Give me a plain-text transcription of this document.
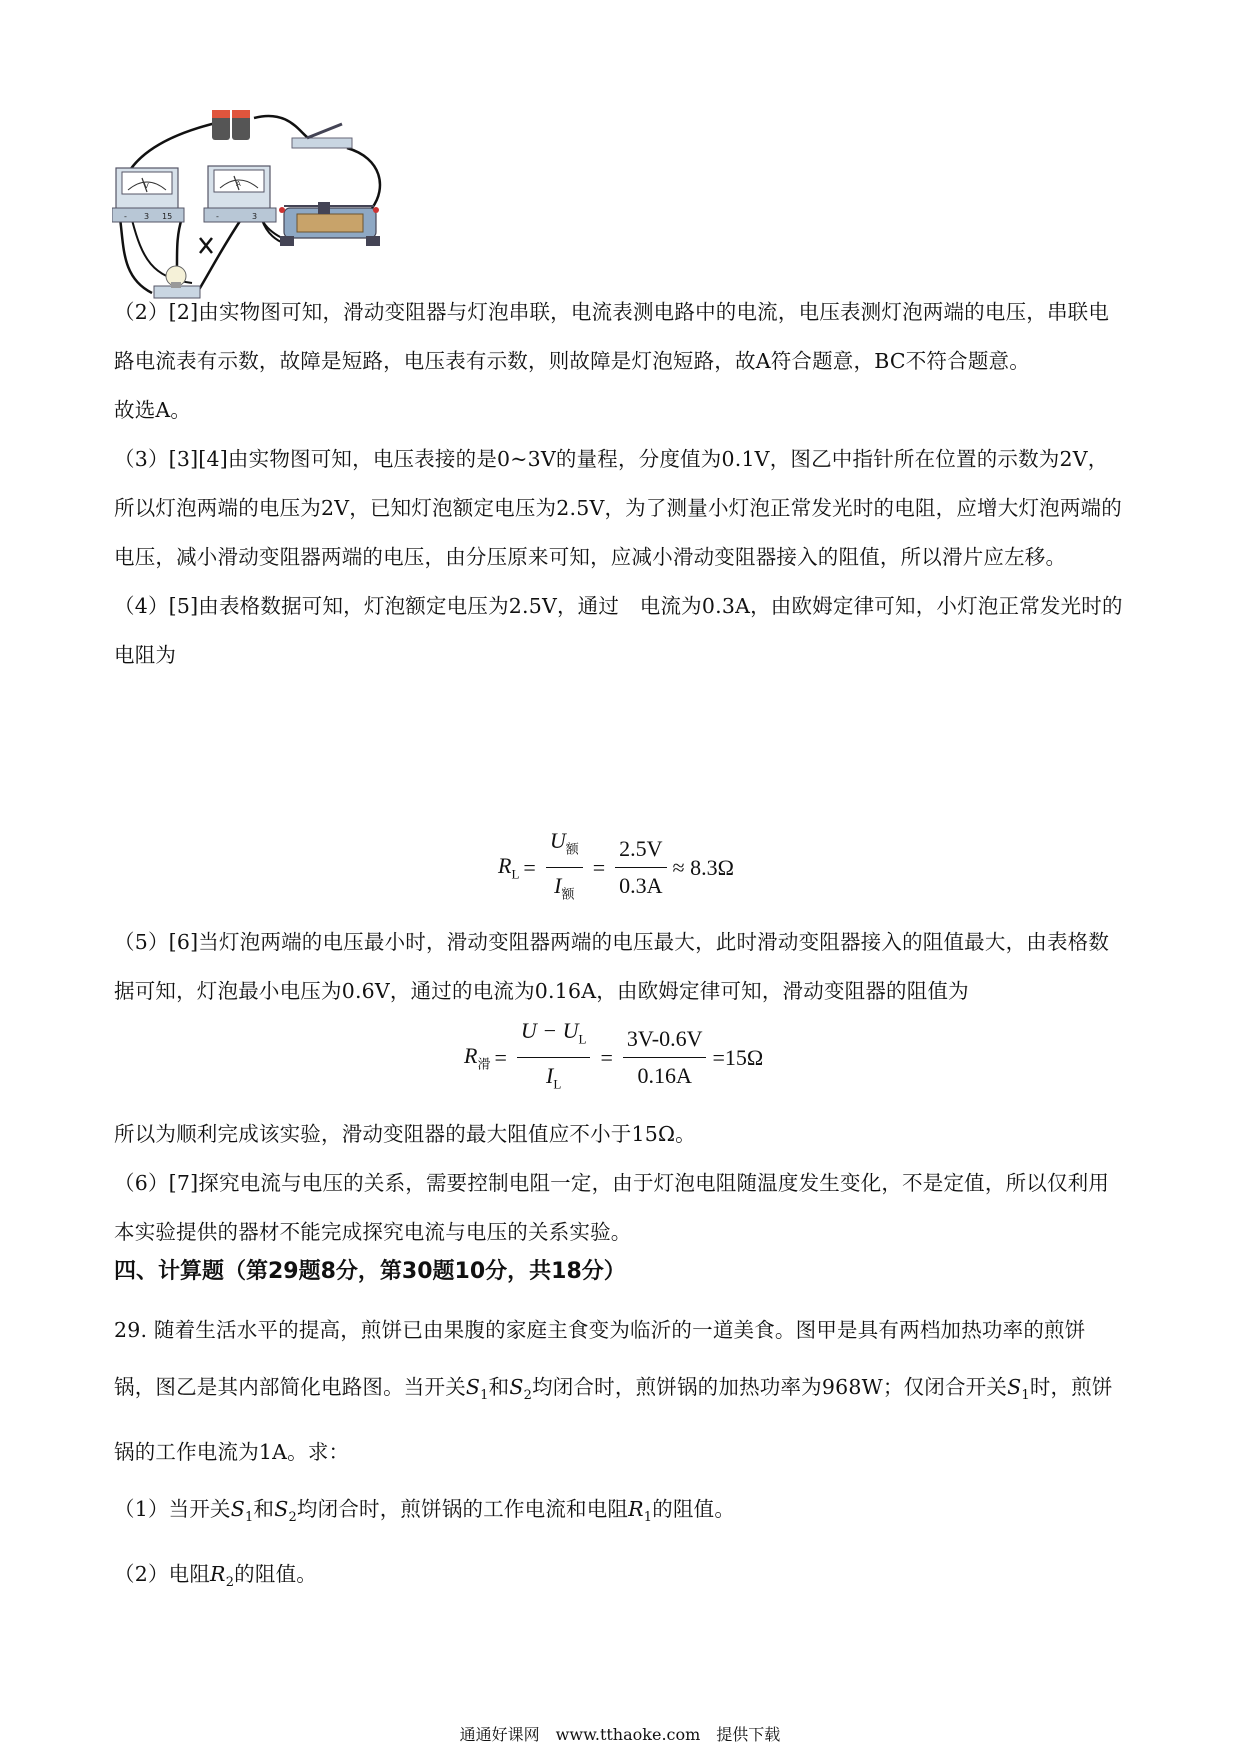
V
- 3 15
A
-	3

（2）[2]由实物图可知，滑动变阻器与灯泡串联，电流表测电路中的电流，电压表测灯泡两端的电压，串联电路电流表有示数，故障是短路，电压表有示数，则故障是灯泡短路，故A符合题意，BC不符合题意。

故选A。

（3）[3][4]由实物图可知，电压表接的是0~3V的量程，分度值为0.1V，图乙中指针所在位置的示数为2V，所以灯泡两端的电压为2V，已知灯泡额定电压为2.5V，为了测量小灯泡正常发光时的电阻，应增大灯泡两端的电压，减小滑动变阻器两端的电压，由分压原来可知，应减小滑动变阻器接入的阻值，所以滑片应左移。

（4）[5]由表格数据可知，灯泡额定电压为2.5V，通过　电流为0.3A，由欧姆定律可知，小灯泡正常发光时的电阻为

$R_L = \frac{U_额}{I_额} = \frac{2.5V}{0.3A} \approx 8.3\Omega$

（5）[6]当灯泡两端的电压最小时，滑动变阻器两端的电压最大，此时滑动变阻器接入的阻值最大，由表格数据可知，灯泡最小电压为0.6V，通过的电流为0.16A，由欧姆定律可知，滑动变阻器的阻值为

$R_滑 = \frac{U - U_L}{I_L} = \frac{3V-0.6V}{0.16A} =15\Omega$

所以为顺利完成该实验，滑动变阻器的最大阻值应不小于15Ω。

（6）[7]探究电流与电压的关系，需要控制电阻一定，由于灯泡电阻随温度发生变化，不是定值，所以仅利用本实验提供的器材不能完成探究电流与电压的关系实验。

四、计算题（第29题8分，第30题10分，共18分）

29. 随着生活水平的提高，煎饼已由果腹的家庭主食变为临沂的一道美食。图甲是具有两档加热功率的煎饼锅，图乙是其内部简化电路图。当开关$S_1$和$S_2$均闭合时，煎饼锅的加热功率为968W；仅闭合开关$S_1$时，煎饼锅的工作电流为1A。求：

（1）当开关$S_1$和$S_2$均闭合时，煎饼锅的工作电流和电阻$R_1$的阻值。

（2）电阻$R_2$的阻值。

通通好课网　www.tthaoke.com　提供下载
